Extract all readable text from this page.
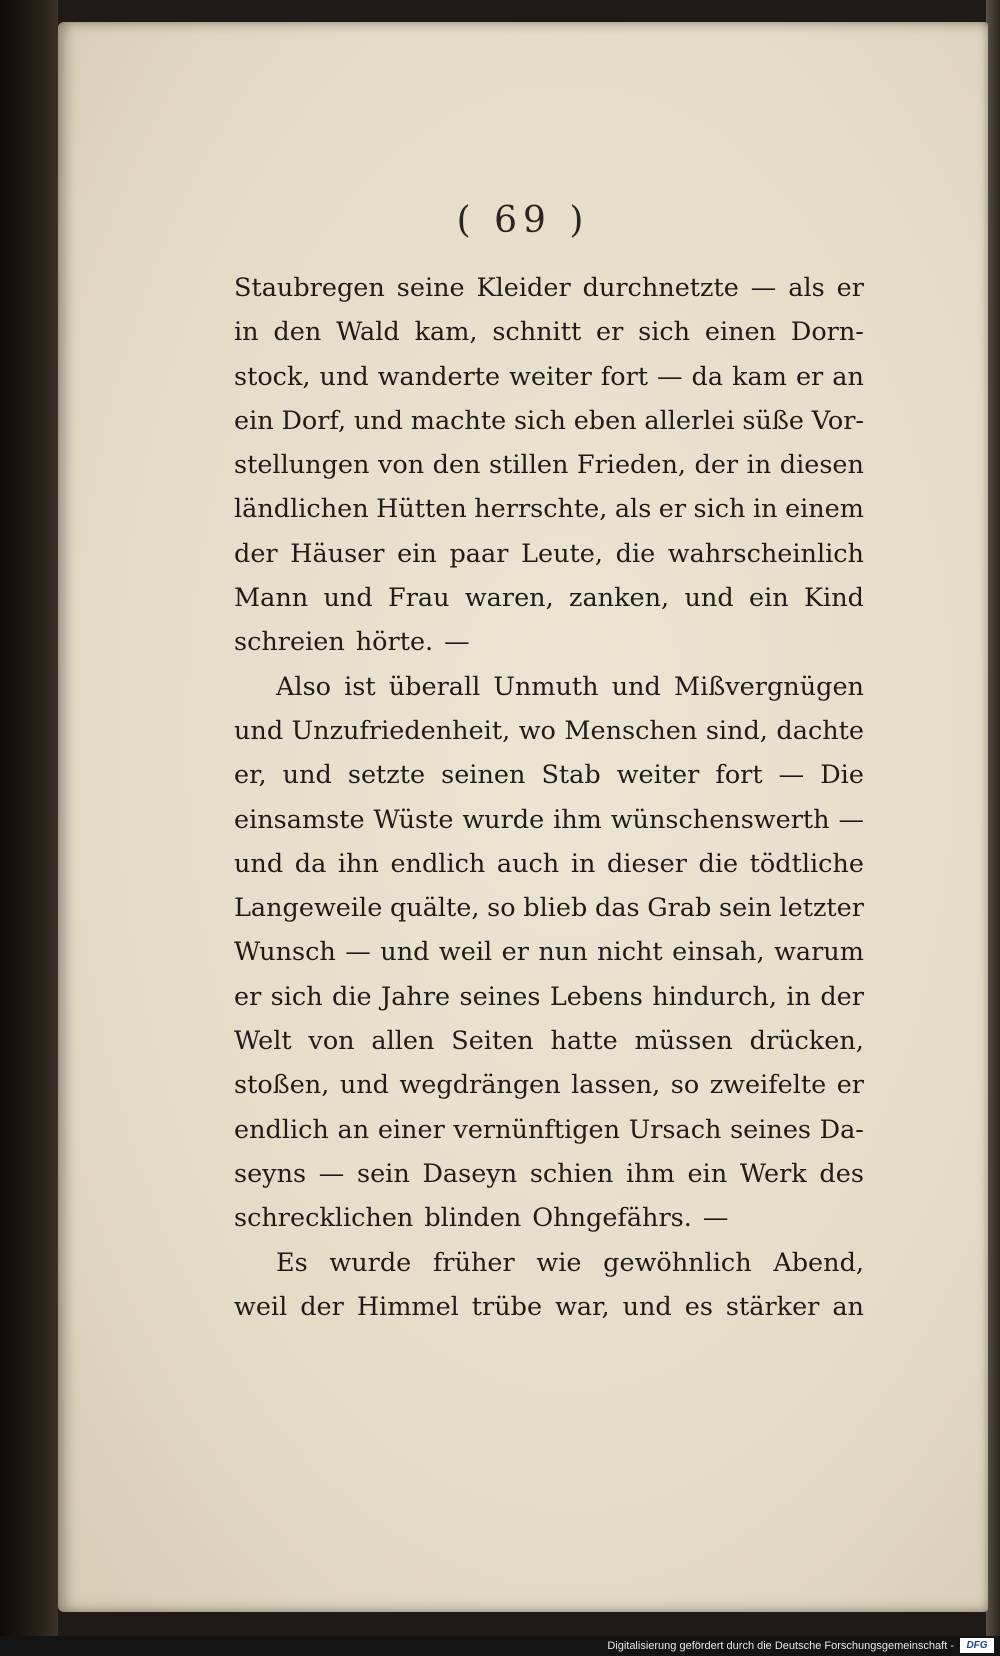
( 69 )
Staubregen seine Kleider durchnetzte — als er
in den Wald kam, schnitt er sich einen Dorn-
stock, und wanderte weiter fort — da kam er an
ein Dorf, und machte sich eben allerlei süße Vor-
stellungen von den stillen Frieden, der in diesen
ländlichen Hütten herrschte, als er sich in einem
der Häuser ein paar Leute, die wahrscheinlich
Mann und Frau waren, zanken, und ein Kind
schreien hörte. —
Also ist überall Unmuth und Mißvergnügen
und Unzufriedenheit, wo Menschen sind, dachte
er, und setzte seinen Stab weiter fort — Die
einsamste Wüste wurde ihm wünschenswerth —
und da ihn endlich auch in dieser die tödtliche
Langeweile quälte, so blieb das Grab sein letzter
Wunsch — und weil er nun nicht einsah, warum
er sich die Jahre seines Lebens hindurch, in der
Welt von allen Seiten hatte müssen drücken,
stoßen, und wegdrängen lassen, so zweifelte er
endlich an einer vernünftigen Ursach seines Da-
seyns — sein Daseyn schien ihm ein Werk des
schrecklichen blinden Ohngefährs. —
Es wurde früher wie gewöhnlich Abend,
weil der Himmel trübe war, und es stärker an
Digitalisierung gefördert durch die Deutsche Forschungsgemeinschaft -	DFG
